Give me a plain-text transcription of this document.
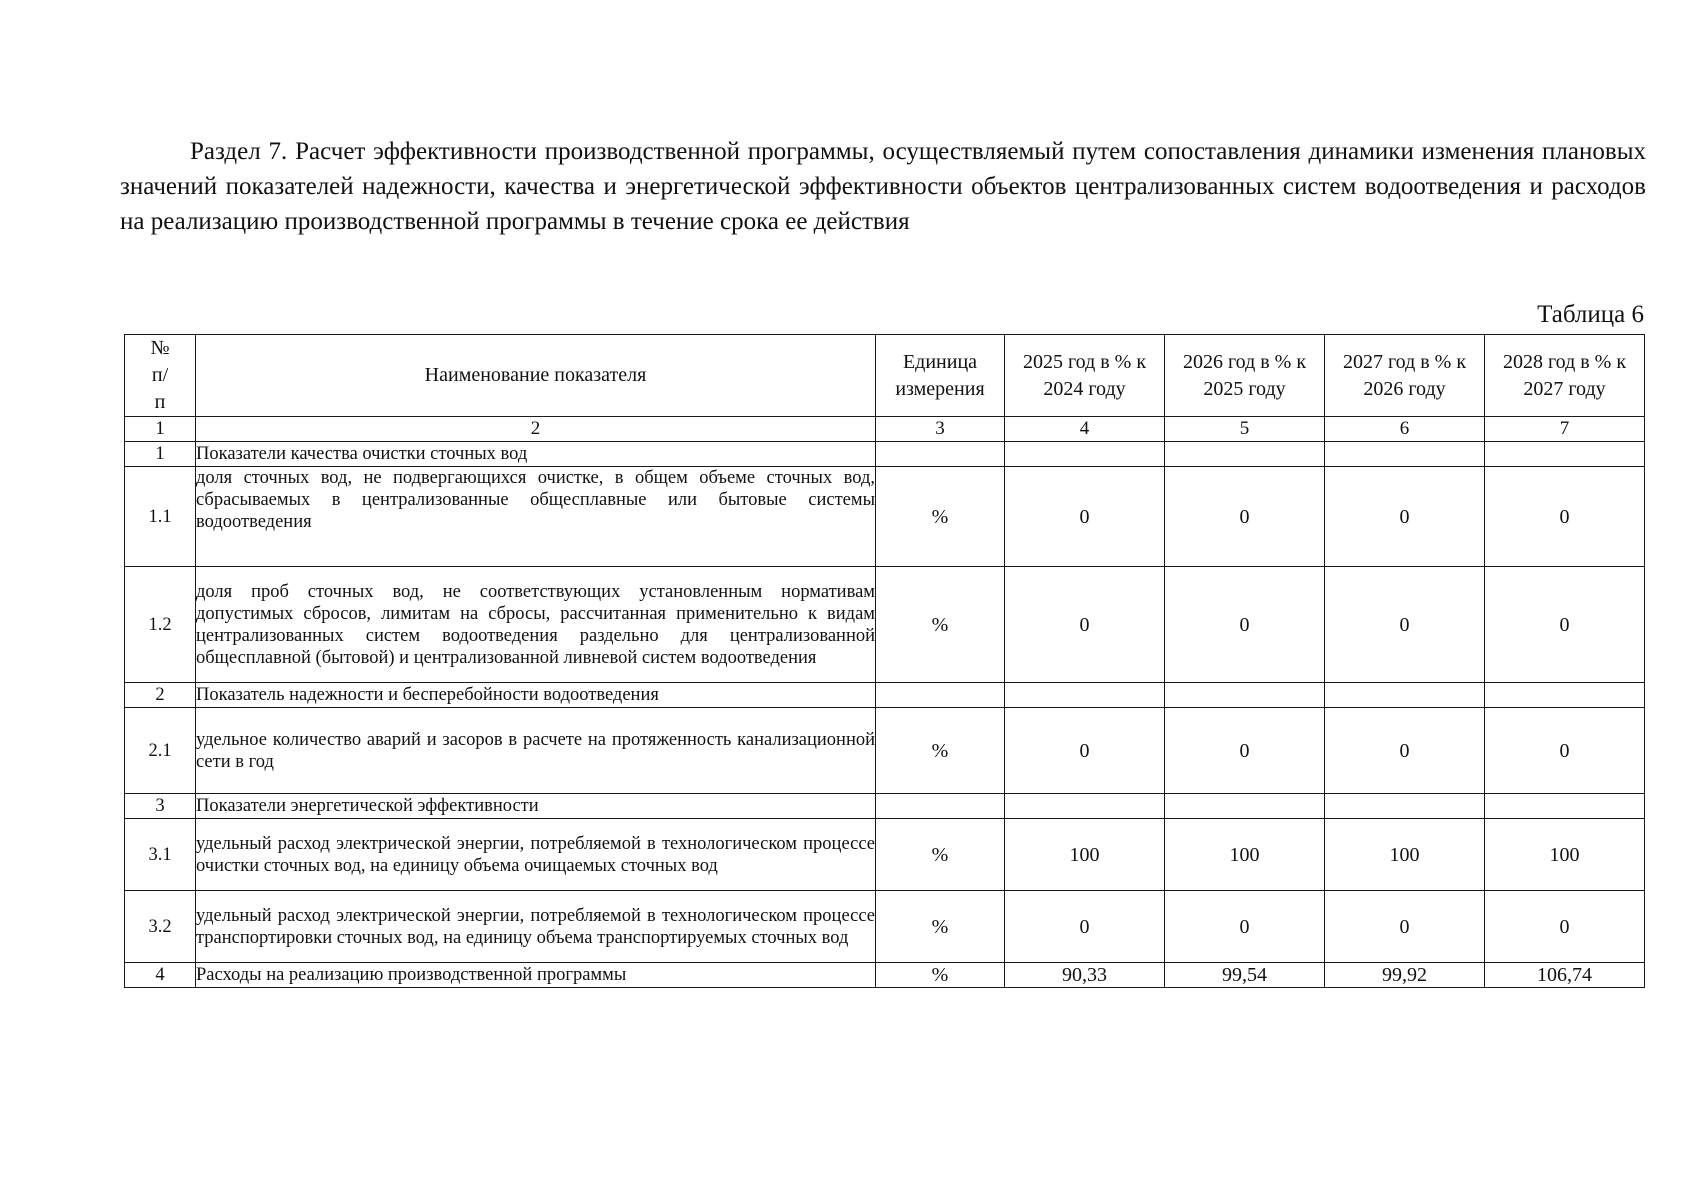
Раздел 7. Расчет эффективности производственной программы, осуществляемый путем сопоставления динамики изменения плановых значений показателей надежности, качества и энергетической эффективности объектов централизованных систем водоотведения и расходов на реализацию производственной программы в течение срока ее действия

Таблица 6
№ п/п	Наименование показателя	Единица измерения	2025 год в % к 2024 году	2026 год в % к 2025 году	2027 год в % к 2026 году	2028 год в % к 2027 году
1	2	3	4	5	6	7
1	Показатели качества очистки сточных вод					
1.1	доля сточных вод, не подвергающихся очистке, в общем объеме сточных вод, сбрасываемых в централизованные общесплавные или бытовые системы водоотведения	%	0	0	0	0
1.2	доля проб сточных вод, не соответствующих установленным нормативам допустимых сбросов, лимитам на сбросы, рассчитанная применительно к видам централизованных систем водоотведения раздельно для централизованной общесплавной (бытовой) и централизованной ливневой систем водоотведения	%	0	0	0	0
2	Показатель надежности и бесперебойности водоотведения					
2.1	удельное количество аварий и засоров в расчете на протяженность канализационной сети в год	%	0	0	0	0
3	Показатели энергетической эффективности					
3.1	удельный расход электрической энергии, потребляемой в технологическом процессе очистки сточных вод, на единицу объема очищаемых сточных вод	%	100	100	100	100
3.2	удельный расход электрической энергии, потребляемой в технологическом процессе транспортировки сточных вод, на единицу объема транспортируемых сточных вод	%	0	0	0	0
4	Расходы на реализацию производственной программы	%	90,33	99,54	99,92	106,74
